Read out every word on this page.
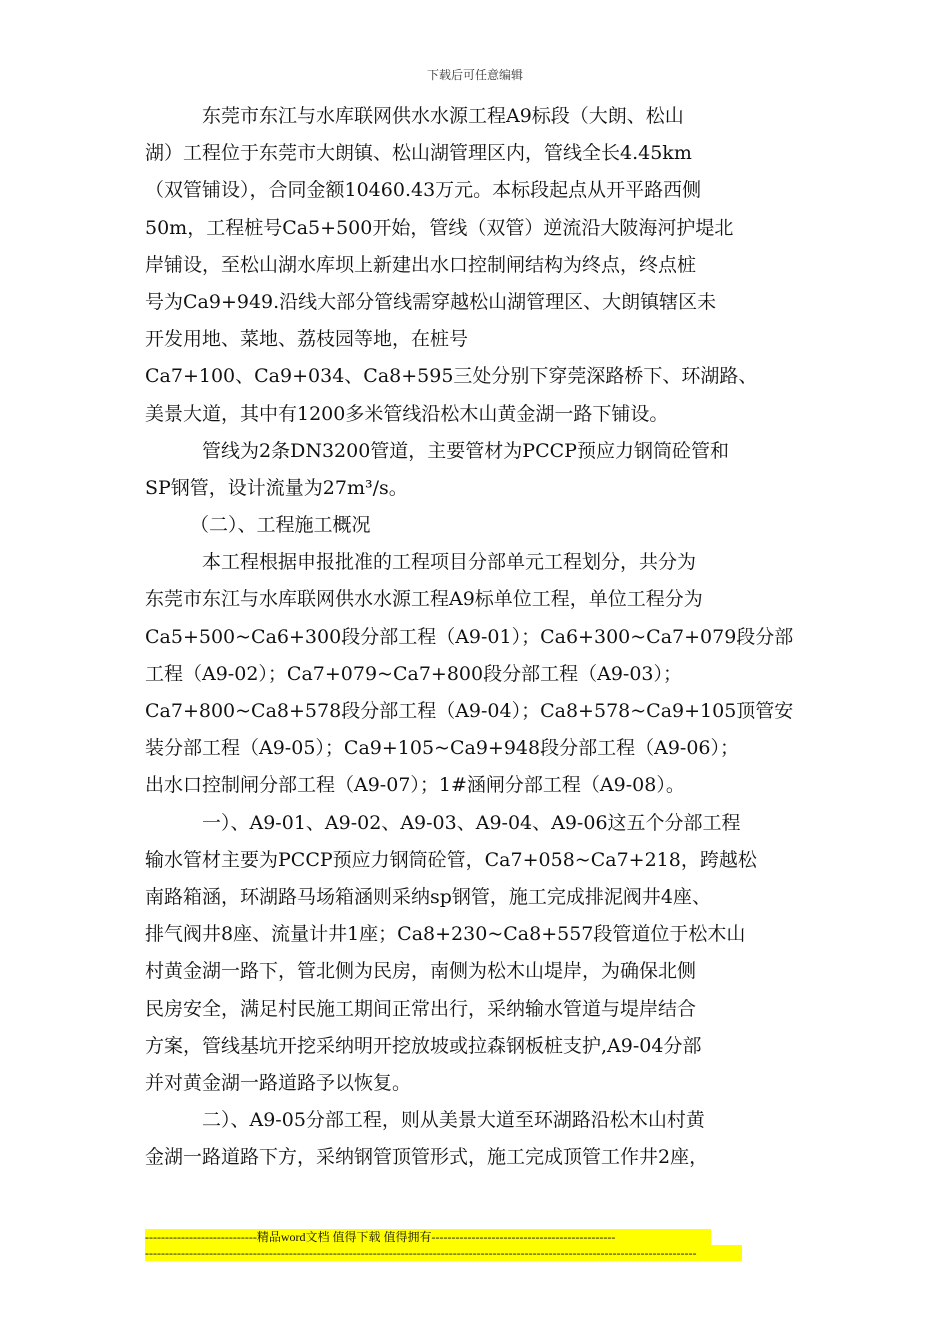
下载后可任意编辑
东莞市东江与水库联网供水水源工程A9标段（大朗、松山
湖）工程位于东莞市大朗镇、松山湖管理区内，管线全长4.45km
（双管铺设），合同金额10460.43万元。本标段起点从开平路西侧
50m，工程桩号Ca5+500开始，管线（双管）逆流沿大陂海河护堤北
岸铺设，至松山湖水库坝上新建出水口控制闸结构为终点，终点桩
号为Ca9+949.沿线大部分管线需穿越松山湖管理区、大朗镇辖区未
开发用地、菜地、荔枝园等地，在桩号
Ca7+100、Ca9+034、Ca8+595三处分别下穿莞深路桥下、环湖路、
美景大道，其中有1200多米管线沿松木山黄金湖一路下铺设。
管线为2条DN3200管道，主要管材为PCCP预应力钢筒砼管和
SP钢管，设计流量为27m³/s。
（二）、工程施工概况
本工程根据申报批准的工程项目分部单元工程划分，共分为
东莞市东江与水库联网供水水源工程A9标单位工程，单位工程分为
Ca5+500~Ca6+300段分部工程（A9-01）；Ca6+300~Ca7+079段分部
工程（A9-02）；Ca7+079~Ca7+800段分部工程（A9-03）；
Ca7+800~Ca8+578段分部工程（A9-04）；Ca8+578~Ca9+105顶管安
装分部工程（A9-05）；Ca9+105~Ca9+948段分部工程（A9-06）；
出水口控制闸分部工程（A9-07）；1#涵闸分部工程（A9-08）。
一）、A9-01、A9-02、A9-03、A9-04、A9-06这五个分部工程
输水管材主要为PCCP预应力钢筒砼管，Ca7+058~Ca7+218，跨越松
南路箱涵，环湖路马场箱涵则采纳sp钢管，施工完成排泥阀井4座、
排气阀井8座、流量计井1座；Ca8+230~Ca8+557段管道位于松木山
村黄金湖一路下，管北侧为民房，南侧为松木山堤岸，为确保北侧
民房安全，满足村民施工期间正常出行，采纳输水管道与堤岸结合
方案，管线基坑开挖采纳明开挖放坡或拉森钢板桩支护,A9-04分部
并对黄金湖一路道路予以恢复。
二）、A9-05分部工程，则从美景大道至环湖路沿松木山村黄
金湖一路道路下方，采纳钢管顶管形式，施工完成顶管工作井2座，
----------------------------精品word文档 值得下载 值得拥有----------------------------------------------
------------------------------------------------------------------------------------------------------------------------------------------
